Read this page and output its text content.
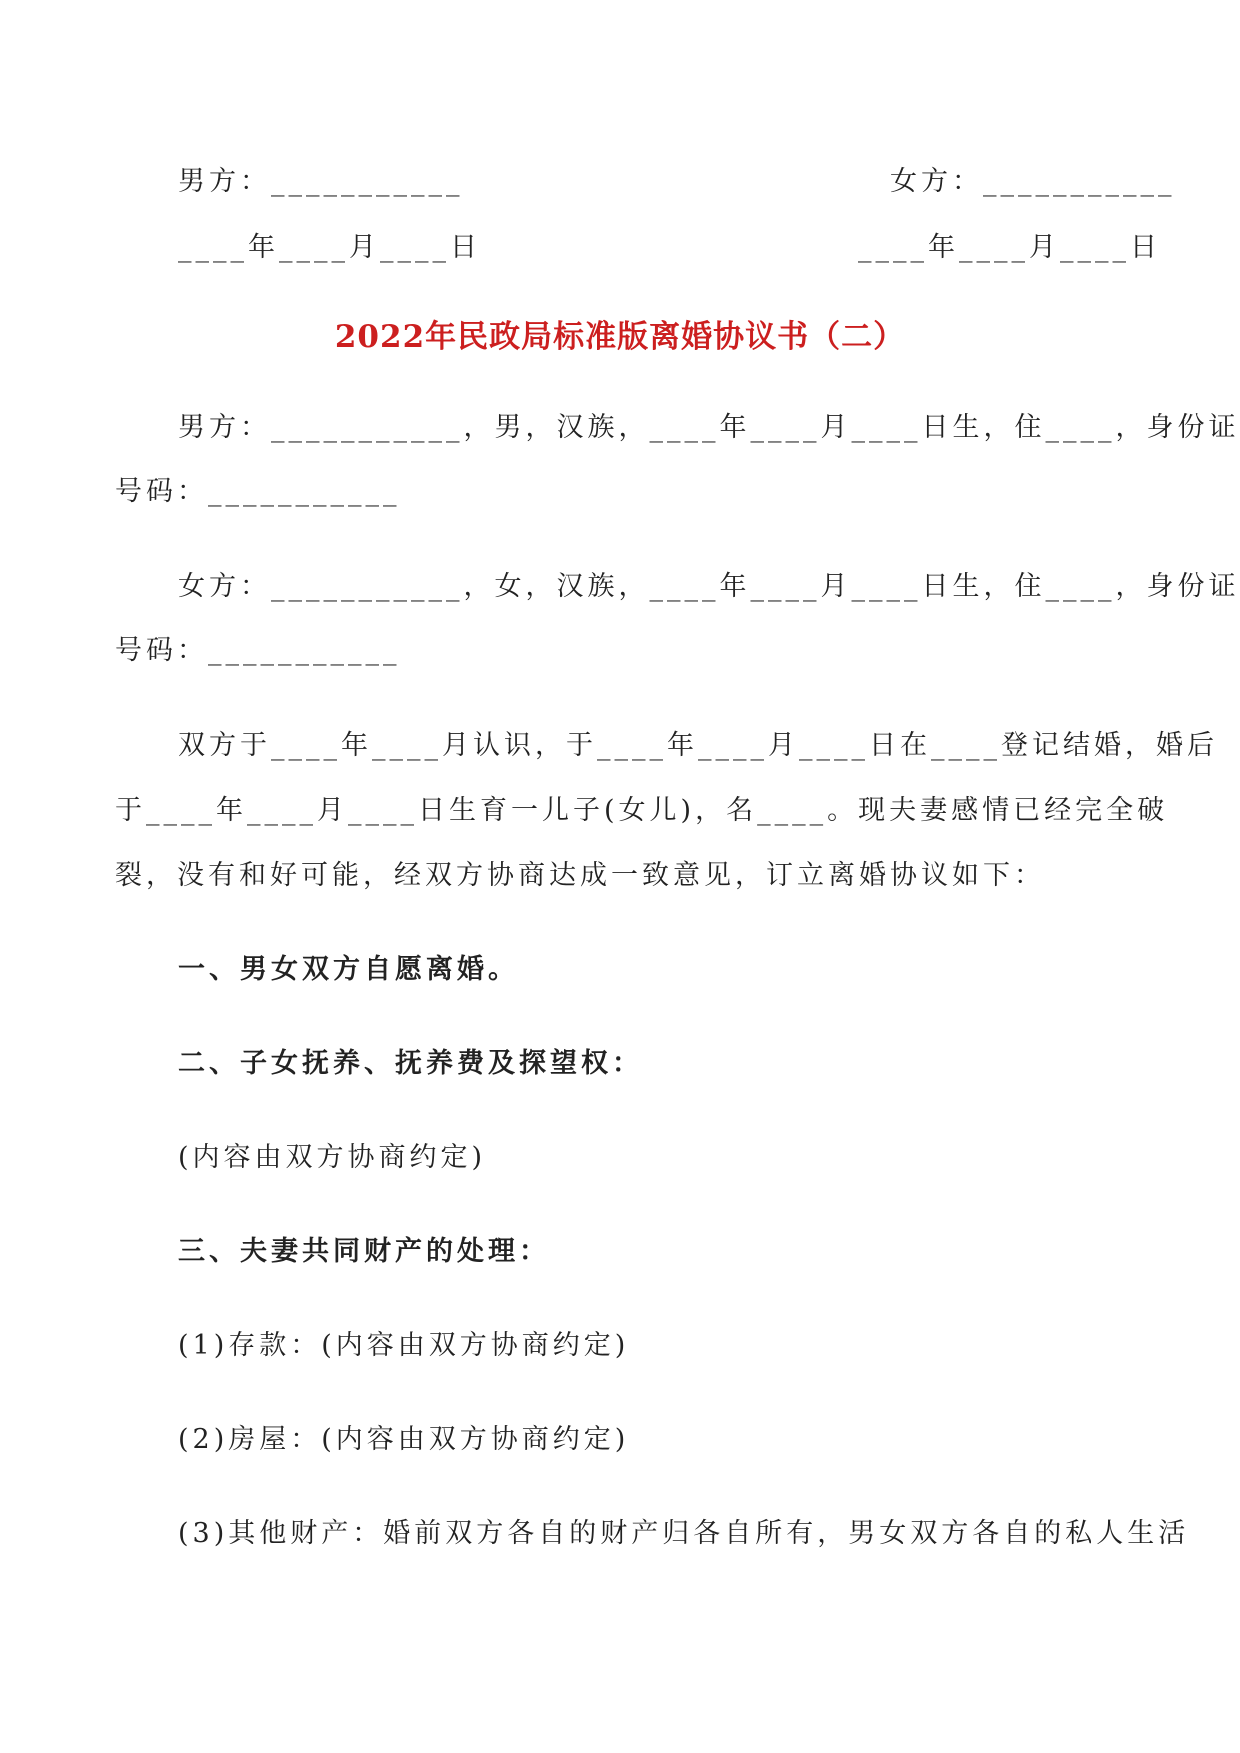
男方：___________	女方：___________
____年____月____日	____年____月____日
2022年民政局标准版离婚协议书（二）
男方：___________，男，汉族，____年____月____日生，住____，身份证
号码：___________
女方：___________，女，汉族，____年____月____日生，住____，身份证
号码：___________
双方于____年____月认识，于____年____月____日在____登记结婚，婚后
于____年____月____日生育一儿子(女儿)，名____。现夫妻感情已经完全破
裂，没有和好可能，经双方协商达成一致意见，订立离婚协议如下：
一、男女双方自愿离婚。
二、子女抚养、抚养费及探望权：
(内容由双方协商约定)
三、夫妻共同财产的处理：
(1)存款：(内容由双方协商约定)
(2)房屋：(内容由双方协商约定)
(3)其他财产：婚前双方各自的财产归各自所有，男女双方各自的私人生活
